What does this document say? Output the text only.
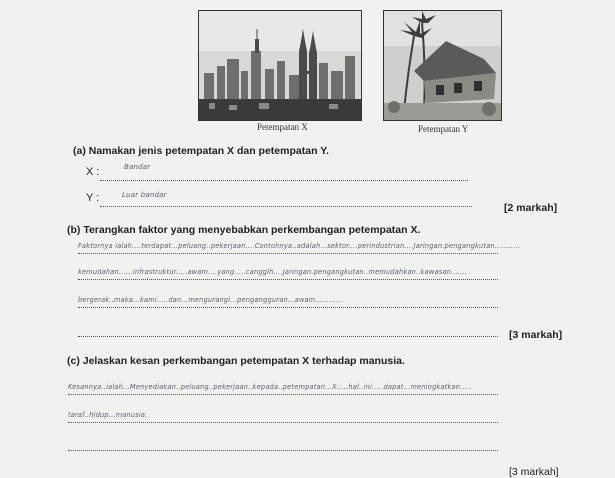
Petempatan X	Petempatan Y
(a) Namakan jenis petempatan X dan petempatan Y.
X :	Bandar
Y :	Luar bandar
[2 markah]
(b) Terangkan faktor yang menyebabkan perkembangan petempatan X.
Faktornya ialah....terdapat...peluang..pekerjaan....Contohnya..adalah...sektor....perindustrian....Jaringan.pengangkutan...........
kemudahan......infrastruktur.....awam....yang.....canggih....Jaringan.pengangkutan..memudahkan..kawasan.......
bergerak..maka...kami.....dan...mengurangi...pengangguran...awam............
[3 markah]
(c) Jelaskan kesan perkembangan petempatan X terhadap manusia.
Kesannya..ialah...Menyediakan..peluang..pekerjaan..kepada..petempatan...X.:...hal..ini.....dapat...meningkatkan.....
taraf..hidup...manusia.
[3 markah]
